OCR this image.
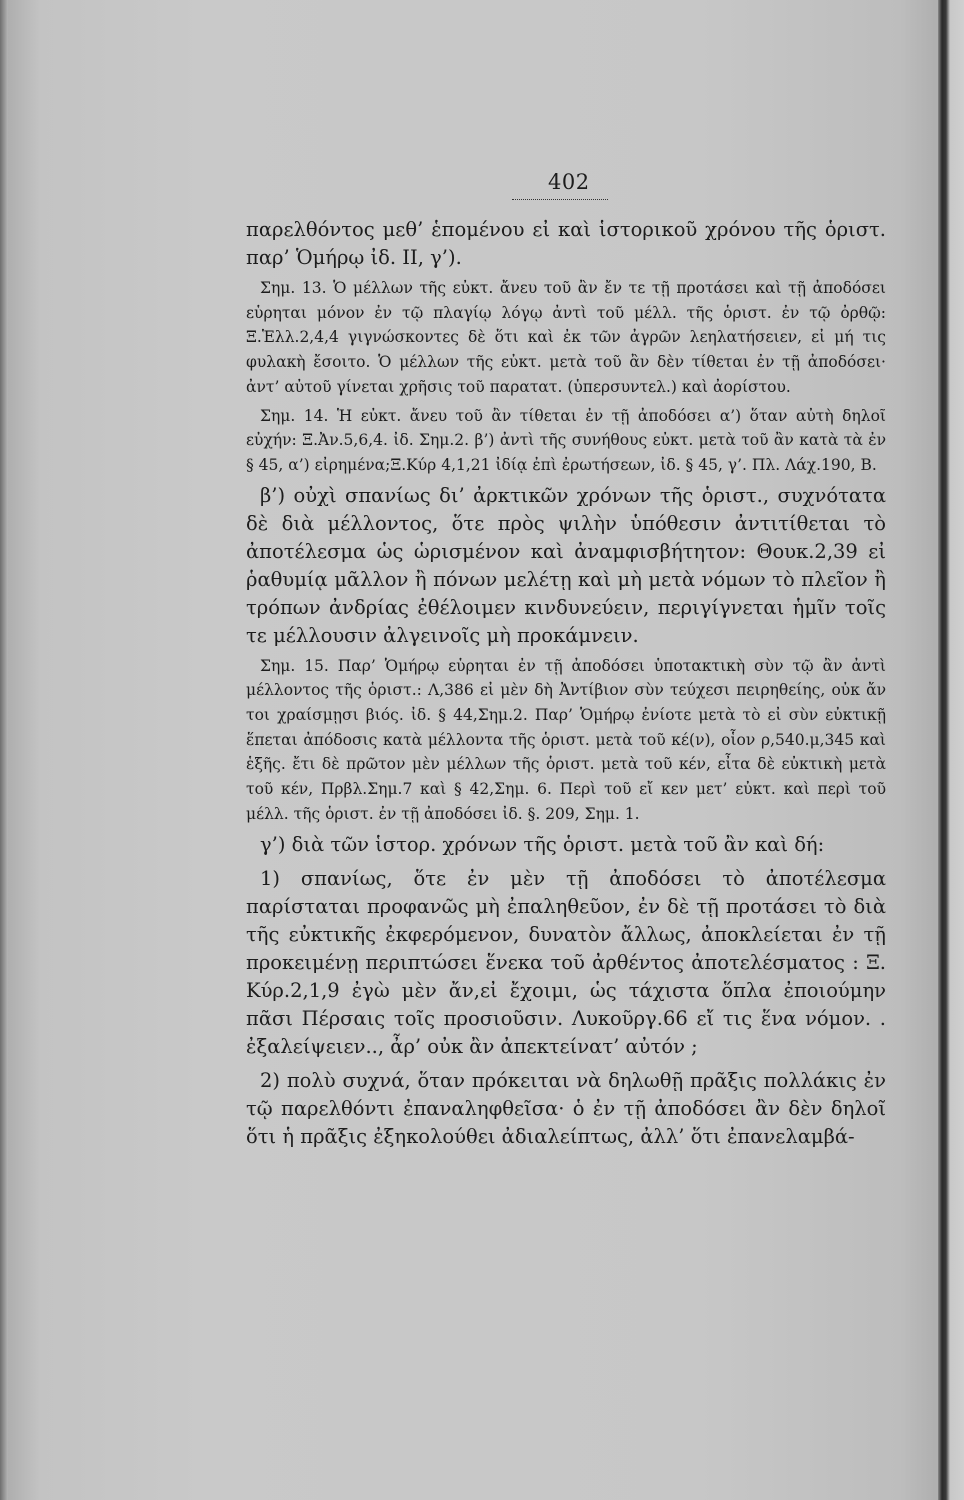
402

παρελθόντος μεθ’ ἑπομένου εἰ καὶ ἱστορικοῦ χρόνου τῆς ὁριστ. παρ’ Ὁμήρῳ ἰδ. II, γ’).

Σημ. 13. Ὁ μέλλων τῆς εὐκτ. ἄνευ τοῦ ἂν ἔν τε τῇ προτάσει καὶ τῇ ἀποδόσει εὑρηται μόνον ἐν τῷ πλαγίῳ λόγῳ ἀντὶ τοῦ μέλλ. τῆς ὁριστ. ἐν τῷ ὀρθῷ: Ξ.Ἑλλ.2,4,4 γιγνώσκοντες δὲ ὅτι καὶ ἐκ τῶν ἀγρῶν λεηλατήσειεν, εἰ μή τις φυλακὴ ἔσοιτο. Ὁ μέλλων τῆς εὐκτ. μετὰ τοῦ ἂν δὲν τίθεται ἐν τῇ ἀποδόσει· ἀντ’ αὐτοῦ γίνεται χρῆσις τοῦ παρατατ. (ὑπερσυντελ.) καὶ ἀορίστου.

Σημ. 14. Ἡ εὐκτ. ἄνευ τοῦ ἂν τίθεται ἐν τῇ ἀποδόσει α’) ὅταν αὐτὴ δηλοῖ εὐχήν: Ξ.Ἀν.5,6,4. ἰδ. Σημ.2. β’) ἀντὶ τῆς συνήθους εὐκτ. μετὰ τοῦ ἂν κατὰ τὰ ἐν § 45, α’) εἰρημένα;Ξ.Κύρ 4,1,21 ἰδίᾳ ἐπὶ ἐρωτήσεων, ἰδ. § 45, γ’. Πλ. Λάχ.190, Β.

β’) οὐχὶ σπανίως δι’ ἀρκτικῶν χρόνων τῆς ὁριστ., συχνότατα δὲ διὰ μέλλοντος, ὅτε πρὸς ψιλὴν ὑπόθεσιν ἀντιτίθεται τὸ ἀποτέλεσμα ὡς ὡρισμένον καὶ ἀναμφισβήτητον: Θουκ.2,39 εἰ ῥαθυμίᾳ μᾶλλον ἢ πόνων μελέτῃ καὶ μὴ μετὰ νόμων τὸ πλεῖον ἢ τρόπων ἀνδρίας ἐθέλοιμεν κινδυνεύειν, περιγίγνεται ἡμῖν τοῖς τε μέλλουσιν ἀλγεινοῖς μὴ προκάμνειν.

Σημ. 15. Παρ’ Ὁμήρῳ εὑρηται ἐν τῇ ἀποδόσει ὑποτακτικὴ σὺν τῷ ἂν ἀντὶ μέλλοντος τῆς ὁριστ.: Λ,386 εἰ μὲν δὴ Ἀντίβιον σὺν τεύχεσι πειρηθείης, οὐκ ἄν τοι χραίσμῃσι βιός. ἰδ. § 44,Σημ.2. Παρ’ Ὁμήρῳ ἐνίοτε μετὰ τὸ εἰ σὺν εὐκτικῇ ἕπεται ἀπόδοσις κατὰ μέλλοντα τῆς ὁριστ. μετὰ τοῦ κέ(ν), οἷον ρ,540.μ,345 καὶ ἑξῆς. ἔτι δὲ πρῶτον μὲν μέλλων τῆς ὁριστ. μετὰ τοῦ κέν, εἶτα δὲ εὐκτικὴ μετὰ τοῦ κέν, Πρβλ.Σημ.7 καὶ § 42,Σημ. 6. Περὶ τοῦ εἴ κεν μετ’ εὐκτ. καὶ περὶ τοῦ μέλλ. τῆς ὁριστ. ἐν τῇ ἀποδόσει ἰδ. §. 209, Σημ. 1.

γ’) διὰ τῶν ἱστορ. χρόνων τῆς ὁριστ. μετὰ τοῦ ἂν καὶ δή:

1) σπανίως, ὅτε ἐν μὲν τῇ ἀποδόσει τὸ ἀποτέλεσμα παρίσταται προφανῶς μὴ ἐπαληθεῦον, ἐν δὲ τῇ προτάσει τὸ διὰ τῆς εὐκτικῆς ἐκφερόμενον, δυνατὸν ἄλλως, ἀποκλείεται ἐν τῇ προκειμένῃ περιπτώσει ἕνεκα τοῦ ἀρθέντος ἀποτελέσματος : Ξ. Κύρ.2,1,9 ἐγὼ μὲν ἄν,εἰ ἔχοιμι, ὡς τάχιστα ὅπλα ἐποιούμην πᾶσι Πέρσαις τοῖς προσιοῦσιν. Λυκοῦργ.66 εἴ τις ἕνα νόμον. . ἐξαλείψειεν.., ἆρ’ οὐκ ἂν ἀπεκτείνατ’ αὐτόν ;

2) πολὺ συχνά, ὅταν πρόκειται νὰ δηλωθῇ πρᾶξις πολλάκις ἐν τῷ παρελθόντι ἐπαναληφθεῖσα· ὁ ἐν τῇ ἀποδόσει ἂν δὲν δηλοῖ ὅτι ἡ πρᾶξις ἐξηκολούθει ἀδιαλείπτως, ἀλλ’ ὅτι ἐπανελαμβά-
